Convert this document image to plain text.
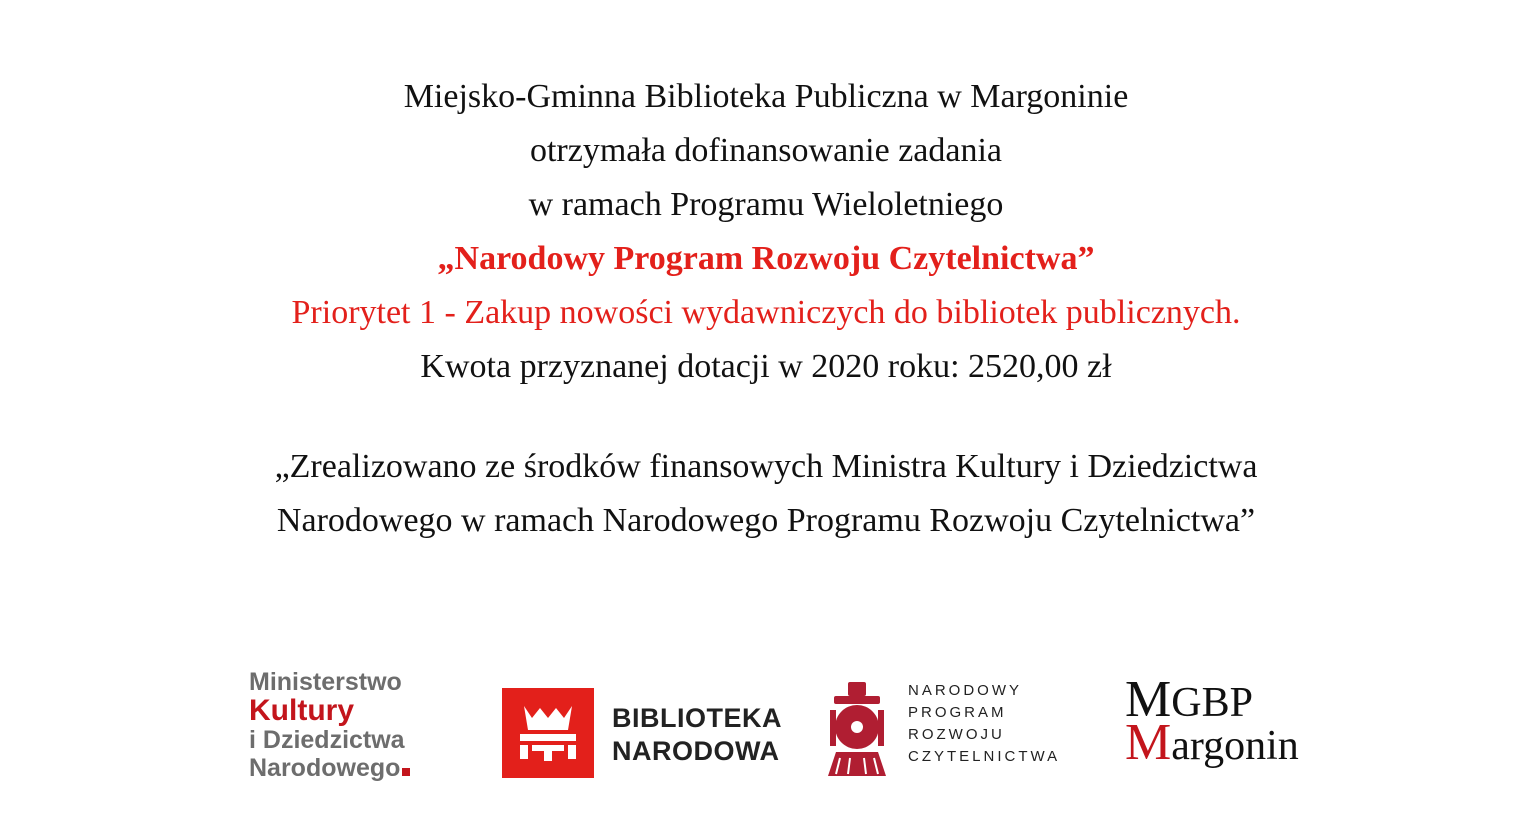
Miejsko-Gminna Biblioteka Publiczna w Margoninie
otrzymała dofinansowanie zadania
w ramach Programu Wieloletniego
„Narodowy Program Rozwoju Czytelnictwa”
Priorytet 1 - Zakup nowości wydawniczych do bibliotek publicznych.
Kwota przyznanej dotacji w 2020 roku: 2520,00 zł
„Zrealizowano ze środków finansowych Ministra Kultury i Dziedzictwa
Narodowego w ramach Narodowego Programu Rozwoju Czytelnictwa”
Ministerstwo
Kultury
i Dziedzictwa
Narodowego
BIBLIOTEKA
NARODOWA
NARODOWY
PROGRAM
ROZWOJU
CZYTELNICTWA
MGBP
Margonin
